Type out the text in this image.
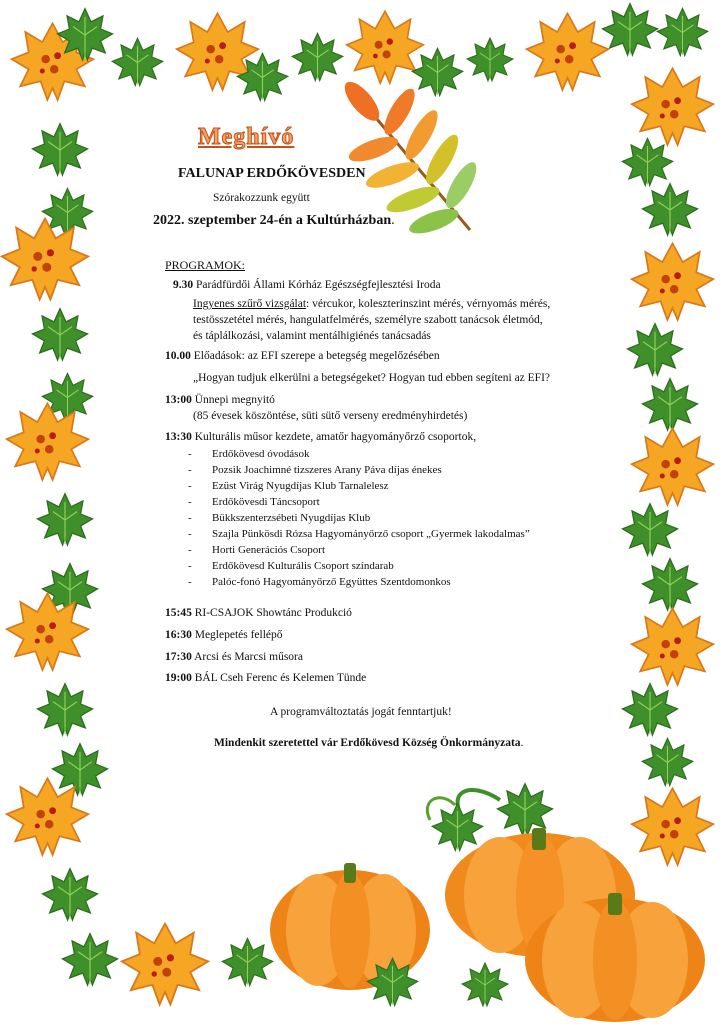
Meghívó
FALUNAP ERDŐKÖVESDEN
Szórakozzunk együtt
2022. szeptember 24-én a Kultúrházban.
PROGRAMOK:
9.30 Parádfürdői Állami Kórház Egészségfejlesztési Iroda
Ingyenes szűrő vizsgálat: vércukor, koleszterinszint mérés, vérnyomás mérés,
testösszetétel mérés, hangulatfelmérés, személyre szabott tanácsok életmód,
és táplálkozási, valamint mentálhigiénés tanácsadás
10.00 Előadások: az EFI szerepe a betegség megelőzésében
„Hogyan tudjuk elkerülni a betegségeket? Hogyan tud ebben segíteni az EFI?
13:00 Ünnepi megnyitó
(85 évesek köszöntése, süti sütő verseny eredményhirdetés)
13:30 Kulturális műsor kezdete, amatőr hagyományőrző csoportok,
- Erdőkövesd óvodások
- Pozsik Joachimné tizszeres Arany Páva díjas énekes
- Ezüst Virág Nyugdíjas Klub Tarnalelesz
- Erdőkövesdi Táncsoport
- Bükkszenterzsébeti Nyugdíjas Klub
- Szajla Pünkösdi Rózsa Hagyományőrző csoport „Gyermek lakodalmas”
- Horti Generációs Csoport
- Erdőkövesd Kulturális Csoport színdarab
- Palóc-fonó Hagyományőrző Együttes Szentdomonkos
15:45 RI-CSAJOK Showtánc Produkció
16:30 Meglepetés fellépő
17:30 Arcsi és Marcsi műsora
19:00 BÁL Cseh Ferenc és Kelemen Tünde
A programváltoztatás jogát fenntartjuk!
Mindenkit szeretettel vár Erdőkövesd Község Önkormányzata.
